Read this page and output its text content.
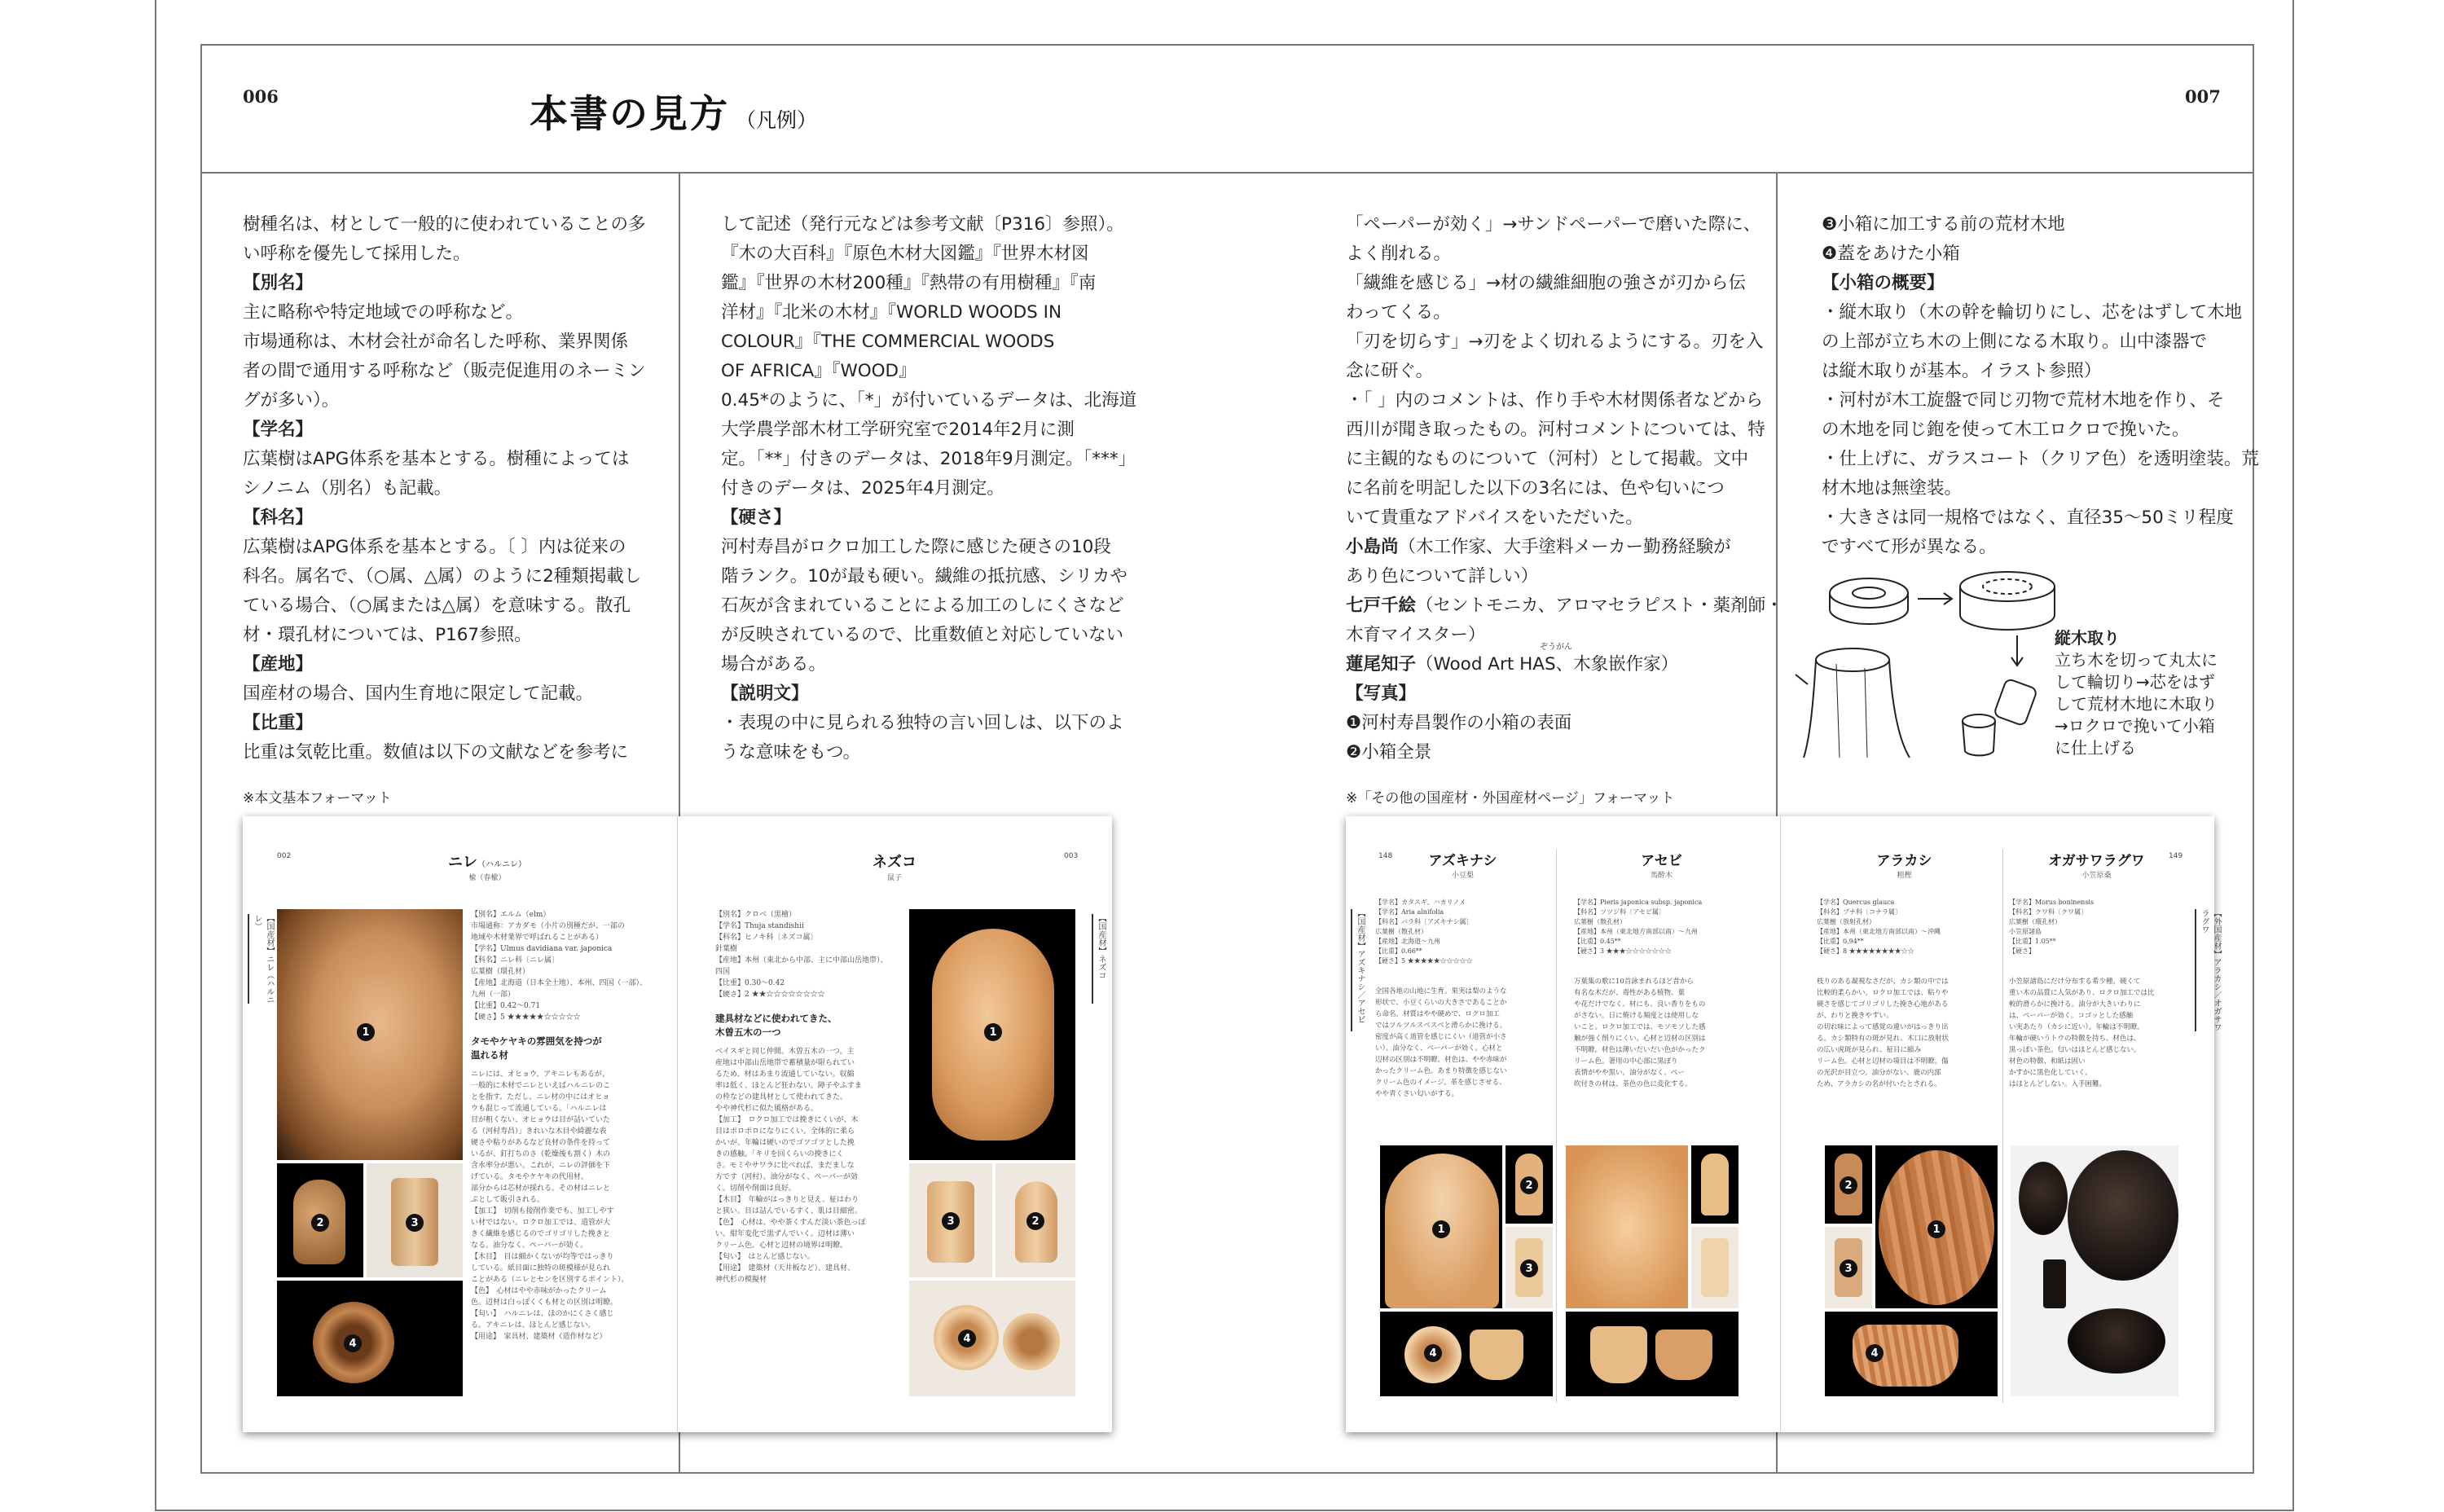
006	007
本書の見方 （凡例）
樹種名は、材として一般的に使われていることの多
い呼称を優先して採用した。
【別名】
主に略称や特定地域での呼称など。
市場通称は、木材会社が命名した呼称、業界関係
者の間で通用する呼称など（販売促進用のネーミン
グが多い）。
【学名】
広葉樹はAPG体系を基本とする。樹種によっては
シノニム（別名）も記載。
【科名】
広葉樹はAPG体系を基本とする。〔 〕内は従来の
科名。属名で、（○属、△属）のように2種類掲載し
ている場合、（○属または△属）を意味する。散孔
材・環孔材については、P167参照。
【産地】
国産材の場合、国内生育地に限定して記載。
【比重】
比重は気乾比重。数値は以下の文献などを参考に
して記述（発行元などは参考文献〔P316〕参照）。
『木の大百科』『原色木材大図鑑』『世界木材図
鑑』『世界の木材200種』『熱帯の有用樹種』『南
洋材』『北米の木材』『WORLD WOODS IN
COLOUR』『THE COMMERCIAL WOODS
OF AFRICA』『WOOD』
0.45*のように、「*」が付いているデータは、北海道
大学農学部木材工学研究室で2014年2月に測
定。「**」付きのデータは、2018年9月測定。「***」
付きのデータは、2025年4月測定。
【硬さ】
河村寿昌がロクロ加工した際に感じた硬さの10段
階ランク。10が最も硬い。繊維の抵抗感、シリカや
石灰が含まれていることによる加工のしにくさなど
が反映されているので、比重数値と対応していない
場合がある。
【説明文】
・表現の中に見られる独特の言い回しは、以下のよ
うな意味をもつ。
「ペーパーが効く」→サンドペーパーで磨いた際に、
よく削れる。
「繊維を感じる」→材の繊維細胞の強さが刃から伝
わってくる。
「刃を切らす」→刃をよく切れるようにする。刃を入
念に研ぐ。
・「 」内のコメントは、作り手や木材関係者などから
西川が聞き取ったもの。河村コメントについては、特
に主観的なものについて（河村）として掲載。文中
に名前を明記した以下の3名には、色や匂いにつ
いて貴重なアドバイスをいただいた。
小島尚（木工作家、大手塗料メーカー勤務経験が
あり色について詳しい）
七戸千絵（セントモニカ、アロマセラピスト・薬剤師・
木育マイスター）
蓮尾知子（Wood Art HAS、木象嵌作家）
【写真】
❶河村寿昌製作の小箱の表面
❷小箱全景
❸小箱に加工する前の荒材木地
❹蓋をあけた小箱
【小箱の概要】
・縦木取り（木の幹を輪切りにし、芯をはずして木地
の上部が立ち木の上側になる木取り。山中漆器で
は縦木取りが基本。イラスト参照）
・河村が木工旋盤で同じ刃物で荒材木地を作り、そ
の木地を同じ鉋を使って木工ロクロで挽いた。
・仕上げに、ガラスコート（クリア色）を透明塗装。荒
材木地は無塗装。
・大きさは同一規格ではなく、直径35〜50ミリ程度
ですべて形が異なる。
ぞうがん	縦木取り
立ち木を切って丸太に
して輪切り→芯をはず
して荒材木地に木取り
→ロクロで挽いて小箱
に仕上げる
※本文基本フォーマット	※「その他の国産材・外国産材ページ」フォーマット
002	003
ニレ（ハルニレ）
楡（春楡）
ネズコ
鼠子
【国産材】ニレ（ハルニレ）	【国産材】ネズコ
1
2	3
4
【別名】エルム（elm）
市場通称：アカダモ（小片の別種だが、一部の
地域や木材業界で呼ばれることがある）
【学名】Ulmus davidiana var. japonica
【科名】ニレ科〔ニレ属〕
広葉樹（環孔材）
【産地】北海道（日本全土地）、本州、四国（一部）、
九州（一部）
【比重】0.42〜0.71
【硬さ】5 ★★★★★☆☆☆☆☆
タモやケヤキの雰囲気を持つが
温れる材
ニレには、オヒョウ、アキニレもあるが、
一般的に木材でニレといえばハルニレのこ
とを指す。ただし、ニレ材の中にはオヒョ
ウも混じって流通している。「ハルニレは
目が粗くない、オヒョウは目が詰いていた
る（河村寿昌）」きれいな木目や綺麗な表
硬さや粘りがあるなど良材の条件を持って
いるが、釘打ちのさ（乾燥後も割く）木の
含水率分が悪い。これが、ニレの評価を下
げている。タモやケヤキの代用材。
部分からは芯材が採れる。その材はニレと
ぶとして販引される。
【加工】　切削も接削作業でも、加工しやす
い材ではない。ロクロ加工では、道管が大
きく繊維を感じるのでゴリゴリした挽きと
なる。油分なく、ペーパーが効く。
【木目】　目は細かくないが均等ではっきり
している。紙目面に独特の斑模様が見られ
ことがある（ニレとセンを区別するポイント）。
【色】　心材はやや赤味がかったクリーム
色。辺材は白っぽくくも材との区別は明瞭。
【匂い】　ハルニレは、ほのかにくさく感じ
る。アキニレは、ほとんど感じない。
【用途】　家具材、建築材（造作材など）
【別名】クロベ（黒檜）
【学名】Thuja standishii
【科名】ヒノキ科〔ネズコ属〕
針葉樹
【産地】本州（東北から中部、主に中部山岳地帯）、
四国
【比重】0.30〜0.42
【硬さ】2 ★★☆☆☆☆☆☆☆☆
建具材などに使われてきた、
木曽五木の一つ
ベイスギと同じ仲間。木曽五木の一つ。主
産地は中部山岳地帯で蓄積量が限られてい
るため、材はあまり流通していない。収縮
率は低く、ほとんど狂わない。障子やふすま
の枠などの建具材として使われてきた。
やや神代杉に似た風格がある。
【加工】　ロクロ加工では挽きにくいが、木
目はポロポロになりにくい。全体的に柔ら
かいが、年輪は硬いのでゴツゴツとした挽
きの感触。「キリを回くらいの挽きにく
さ。モミやサワラに比べれば、まだましな
方です（河村）。油分がなく、ペーパーが効
く。切削や削面は良好。
【木目】　年輪がはっきりと見え、柾はわり
と狭い。目は詰んでいるすく、肌は目細密。
【色】　心材は、やや茶くすんだ淡い茶色っぽ
い。紺年変化で黒ずんでいく。辺材は薄い
クリーム色。心材と辺材の境界は明瞭。
【匂い】　はとんど感じない。
【用途】　建築材（天井板など）、建具材、
神代杉の模擬材
1
3	2
4
148	149
【国産材】アズキナシ／アセビ	【外国産材】アラカシ／オガサワラグワ
1
2
3
4
2
3
1
4
アズキナシ
小豆梨
【学名】カタスギ、ハカリノメ
【学名】Aria alnifolia
【科名】バラ科〔アズキナシ属〕
広葉樹（散孔材）
【産地】北海道〜九州
【比重】0.66**
【硬さ】5 ★★★★★☆☆☆☆☆
全国各地の山地に生育。果実は梨のような
形状で、小豆くらいの大きさであることか
ら命名。材質はやや硬めで、ロクロ加工
ではツルツルスベスベと滑らかに挽ける。
密度が高く道管を感じにくい（道管が小さ
い）。油分なく、ペーパーが効く。心材と
辺材の区別は不明瞭。材色は、やや赤味が
かったクリーム色。あまり特徴を感じない
クリーム色のイメージ。革を感じさせる、
やや青くさい匂いがする。
アセビ
馬酔木
【学名】Pieris japonica subsp. japonica
【科名】ツツジ科〔アセビ属〕
広葉樹（散孔材）
【産地】本州（東北地方南部以南）〜九州
【比重】0.45**
【硬さ】3 ★★★☆☆☆☆☆☆☆
万葉集の歌に10首詠まれるほど昔から
有名な木だが、毒性がある植物。葉
や花だけでなく、材にも、良い香りをもの
がさない。日に焼ける頻度とは使用しな
いこと。ロクロ加工では、モソモソした感
触が強く削りにくい。心材と辺材の区別は
不明瞭。材色は薄いだいだい色がかったク
リーム色。箸用の中心部に黒ぽり
表情がやや黒い。油分がなく、ペー
吹付きの材は、茶色の色に変化する。
アラカシ
粗樫
【学名】Quercus glauca
【科名】ブナ科〔コナラ属〕
広葉樹（放射孔材）
【産地】本州（東北地方南部以南）〜沖縄
【比重】0.94**
【硬さ】8 ★★★★★★★★☆☆
枝りのある凝視なさだが、カシ類の中では
比較的柔らかい。ロクロ加工では、粘りや
硬さを感じてゴリゴリした挽き心地がある
が、わりと挽きやすい。
の切れ味によって感覚の違いがはっきり出
る。カシ類特有の斑が見れ、木口に放射状
の広い虎斑が見られ、柾目に縮み
リーム色。心材と辺材の境目は不明瞭。傷
の光沢が目立つ。油分がない、鹿の内部
ため、アラカシの名が付いたとされる。
オガサワラグワ
小笠原桑
【学名】Morus boninensis
【科名】クワ科〔クワ属〕
広葉樹（環孔材）
小笠原諸島
【比重】1.05**
【硬さ】
小笠原諸島にだけ分布する希少種。硬くて
重い木の品質に人気があり、ロクロ加工では比
較的滑らかに挽ける。油分が大きいわりに
は、ペーパーが効く。コゴッとした感触
い実あたり（カシに近い）。年輪は不明瞭。
年輪が硬いうトウの特徴を持ち、材色は、
黒っぽい茶色。匂いはほとんど感じない。
材色の特徴、和紙は固い
かすかに黒色化していく。
はほとんどしない。入手困難。
